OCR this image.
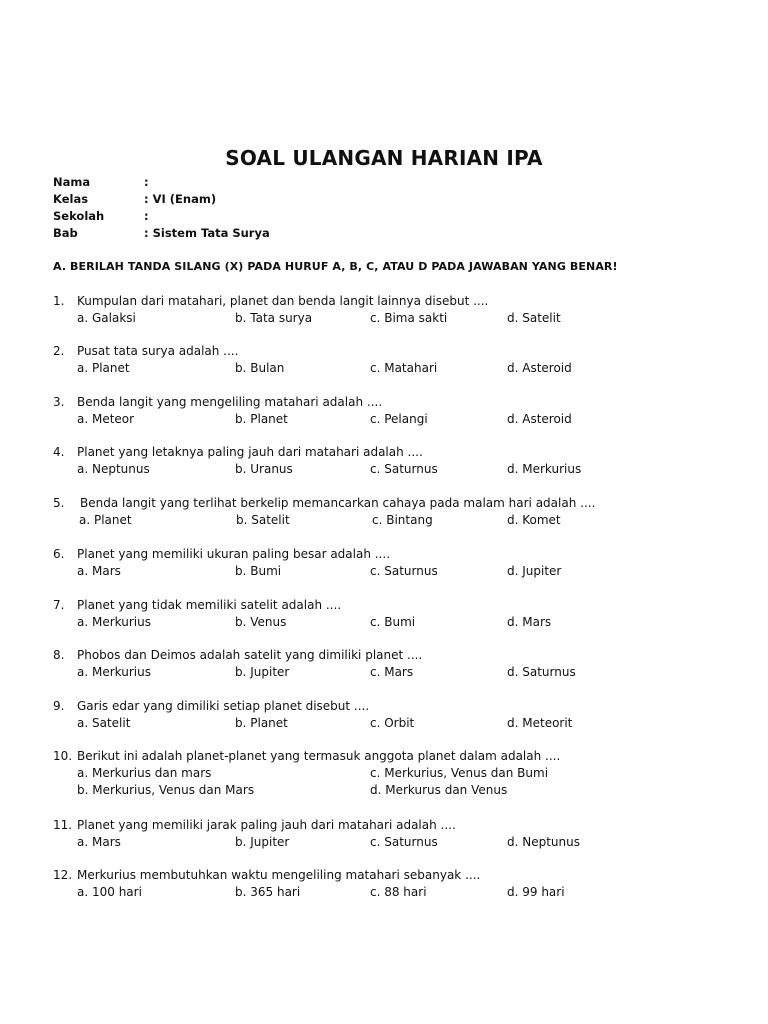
SOAL ULANGAN HARIAN IPA
Nama	:
Kelas	: VI (Enam)
Sekolah	:
Bab	: Sistem Tata Surya
A. BERILAH TANDA SILANG (X) PADA HURUF A, B, C, ATAU D PADA JAWABAN YANG BENAR!
1. Kumpulan dari matahari, planet dan benda langit lainnya disebut ....
a. Galaksi	b. Tata surya	c. Bima sakti	d. Satelit
2. Pusat tata surya adalah ....
a. Planet	b. Bulan	c. Matahari	d. Asteroid
3. Benda langit yang mengeliling matahari adalah ....
a. Meteor	b. Planet	c. Pelangi	d. Asteroid
4. Planet yang letaknya paling jauh dari matahari adalah ....
a. Neptunus	b. Uranus	c. Saturnus	d. Merkurius
5. Benda langit yang terlihat berkelip memancarkan cahaya pada malam hari adalah ....
a. Planet	b. Satelit	c. Bintang	d. Komet
6. Planet yang memiliki ukuran paling besar adalah ....
a. Mars	b. Bumi	c. Saturnus	d. Jupiter
7. Planet yang tidak memiliki satelit adalah ....
a. Merkurius	b. Venus	c. Bumi	d. Mars
8. Phobos dan Deimos adalah satelit yang dimiliki planet ....
a. Merkurius	b. Jupiter	c. Mars	d. Saturnus
9. Garis edar yang dimiliki setiap planet disebut ....
a. Satelit	b. Planet	c. Orbit	d. Meteorit
10. Berikut ini adalah planet-planet yang termasuk anggota planet dalam adalah ....
a. Merkurius dan mars	c. Merkurius, Venus dan Bumi
b. Merkurius, Venus dan Mars	d. Merkurus dan Venus
11. Planet yang memiliki jarak paling jauh dari matahari adalah ....
a. Mars	b. Jupiter	c. Saturnus	d. Neptunus
12. Merkurius membutuhkan waktu mengeliling matahari sebanyak ....
a. 100 hari	b. 365 hari	c. 88 hari	d. 99 hari
